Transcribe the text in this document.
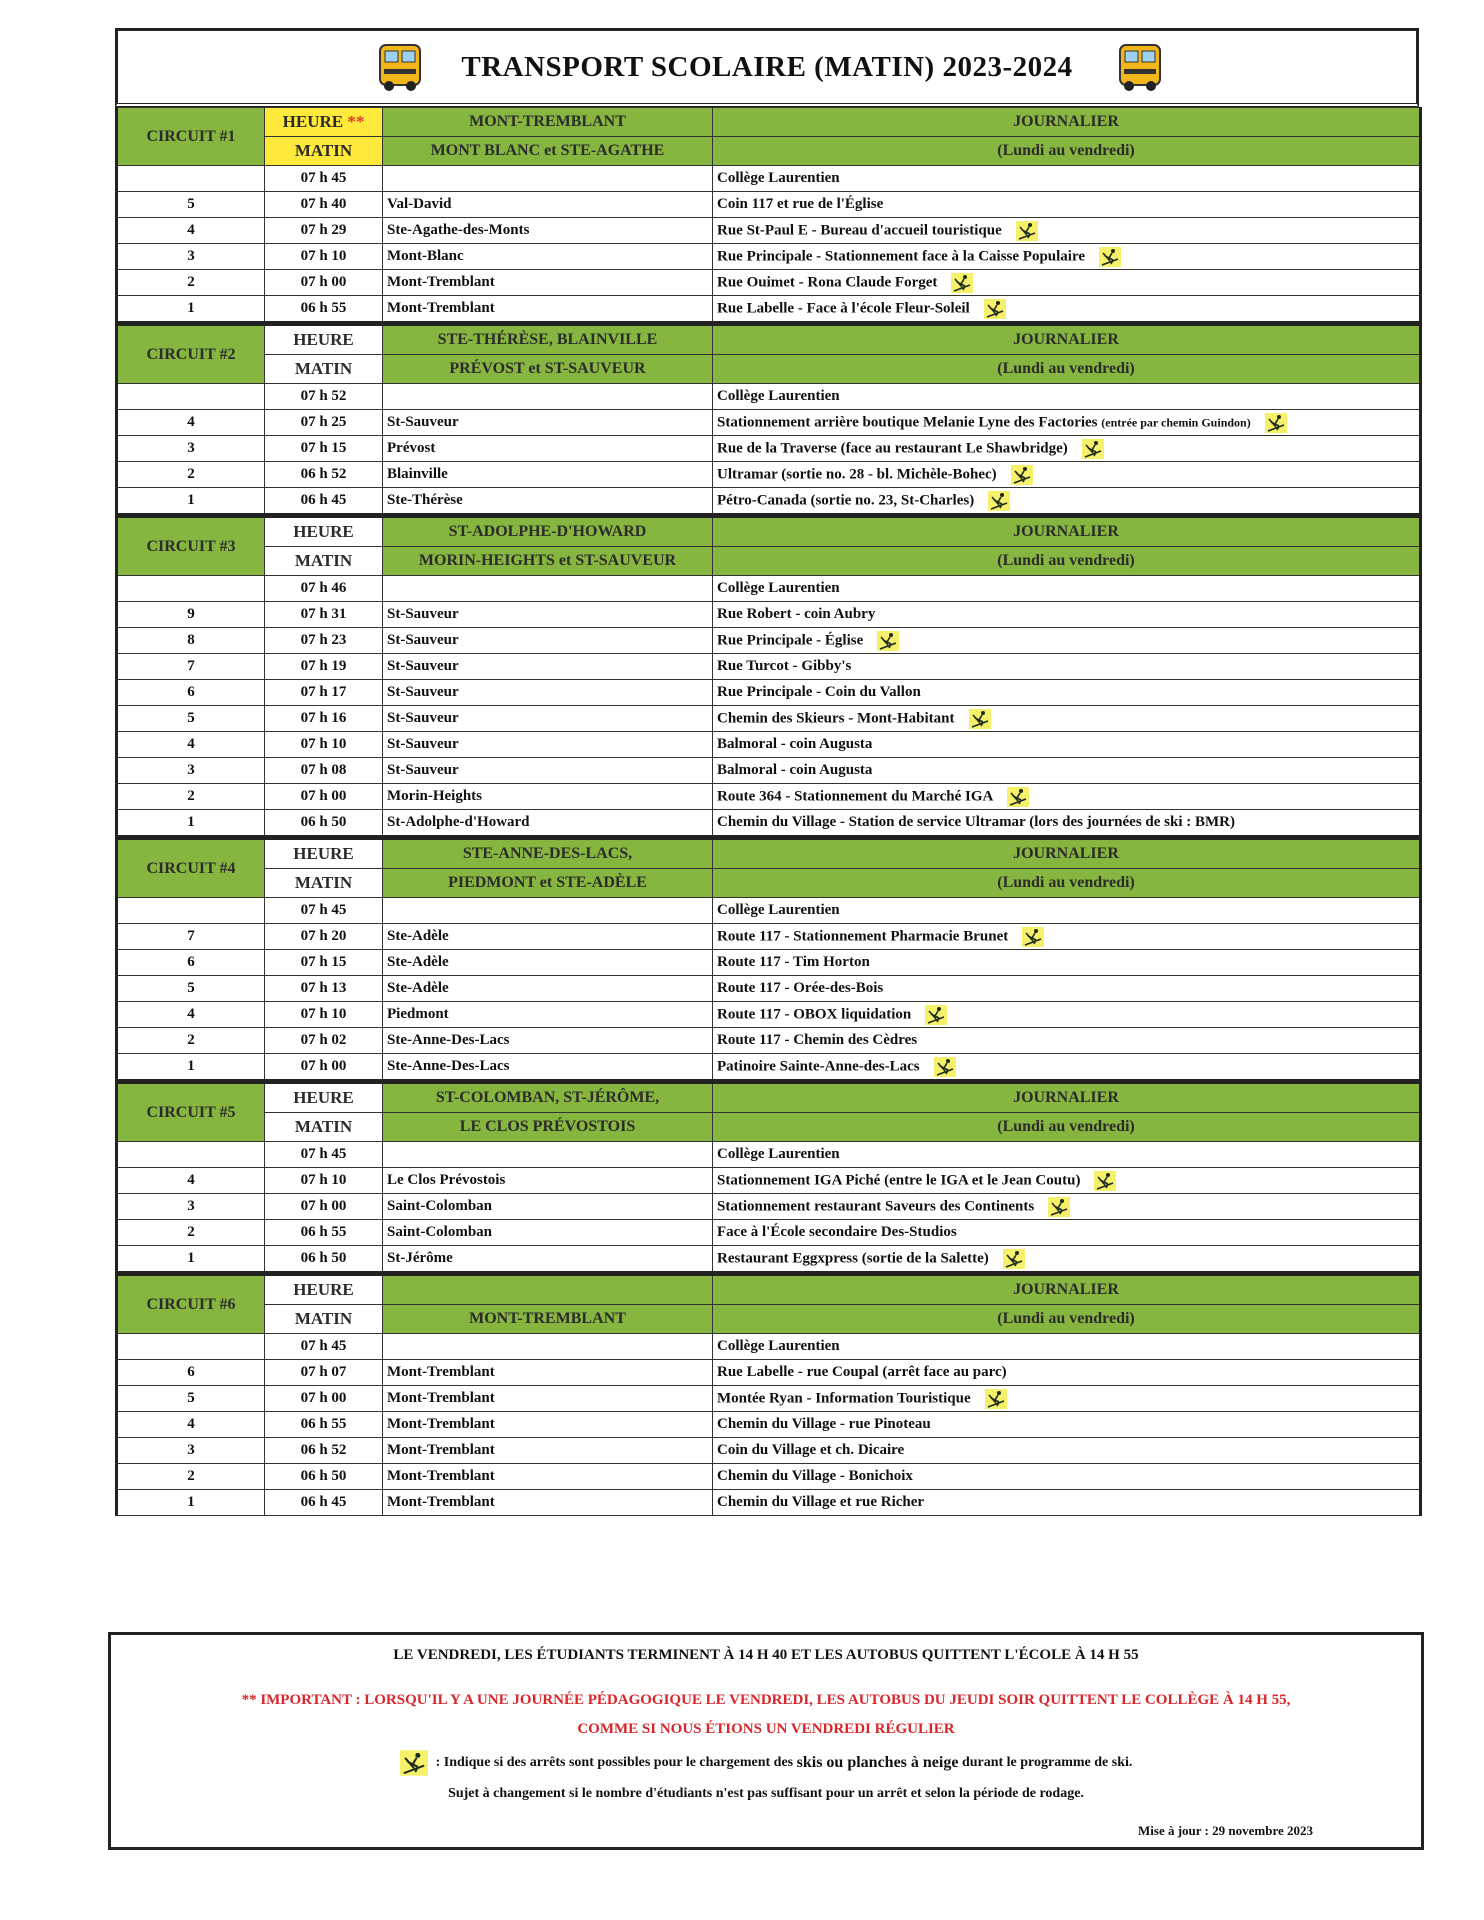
TRANSPORT SCOLAIRE (MATIN) 2023-2024
CIRCUIT #1	HEURE **	MONT-TREMBLANT	JOURNALIER
	MATIN	MONT BLANC et STE-AGATHE	(Lundi au vendredi)
	07 h 45		Collège Laurentien
5	07 h 40	Val-David	Coin 117 et rue de l'Église
4	07 h 29	Ste-Agathe-des-Monts	Rue St-Paul E - Bureau d'accueil touristique
3	07 h 10	Mont-Blanc	Rue Principale - Stationnement face à la Caisse Populaire
2	07 h 00	Mont-Tremblant	Rue Ouimet - Rona Claude Forget
1	06 h 55	Mont-Tremblant	Rue Labelle - Face à l'école Fleur-Soleil
CIRCUIT #2	HEURE	STE-THÉRÈSE, BLAINVILLE	JOURNALIER
	MATIN	PRÉVOST et ST-SAUVEUR	(Lundi au vendredi)
	07 h 52		Collège Laurentien
4	07 h 25	St-Sauveur	Stationnement arrière boutique Melanie Lyne des Factories (entrée par chemin Guindon)
3	07 h 15	Prévost	Rue de la Traverse (face au restaurant Le Shawbridge)
2	06 h 52	Blainville	Ultramar (sortie no. 28 - bl. Michèle-Bohec)
1	06 h 45	Ste-Thérèse	Pétro-Canada (sortie no. 23, St-Charles)
CIRCUIT #3	HEURE	ST-ADOLPHE-D'HOWARD	JOURNALIER
	MATIN	MORIN-HEIGHTS et ST-SAUVEUR	(Lundi au vendredi)
	07 h 46		Collège Laurentien
9	07 h 31	St-Sauveur	Rue Robert - coin Aubry
8	07 h 23	St-Sauveur	Rue Principale - Église
7	07 h 19	St-Sauveur	Rue Turcot - Gibby's
6	07 h 17	St-Sauveur	Rue Principale - Coin du Vallon
5	07 h 16	St-Sauveur	Chemin des Skieurs - Mont-Habitant
4	07 h 10	St-Sauveur	Balmoral - coin Augusta
3	07 h 08	St-Sauveur	Balmoral - coin Augusta
2	07 h 00	Morin-Heights	Route 364 - Stationnement du Marché IGA
1	06 h 50	St-Adolphe-d'Howard	Chemin du Village - Station de service Ultramar (lors des journées de ski : BMR)
CIRCUIT #4	HEURE	STE-ANNE-DES-LACS,	JOURNALIER
	MATIN	PIEDMONT et STE-ADÈLE	(Lundi au vendredi)
	07 h 45		Collège Laurentien
7	07 h 20	Ste-Adèle	Route 117 - Stationnement Pharmacie Brunet
6	07 h 15	Ste-Adèle	Route 117 - Tim Horton
5	07 h 13	Ste-Adèle	Route 117 - Orée-des-Bois
4	07 h 10	Piedmont	Route 117 - OBOX liquidation
2	07 h 02	Ste-Anne-Des-Lacs	Route 117 - Chemin des Cèdres
1	07 h 00	Ste-Anne-Des-Lacs	Patinoire Sainte-Anne-des-Lacs
CIRCUIT #5	HEURE	ST-COLOMBAN, ST-JÉRÔME,	JOURNALIER
	MATIN	LE CLOS PRÉVOSTOIS	(Lundi au vendredi)
	07 h 45		Collège Laurentien
4	07 h 10	Le Clos Prévostois	Stationnement IGA Piché (entre le IGA et le Jean Coutu)
3	07 h 00	Saint-Colomban	Stationnement restaurant Saveurs des Continents
2	06 h 55	Saint-Colomban	Face à l'École secondaire Des-Studios
1	06 h 50	St-Jérôme	Restaurant Eggxpress (sortie de la Salette)
CIRCUIT #6	HEURE		JOURNALIER
	MATIN	MONT-TREMBLANT	(Lundi au vendredi)
	07 h 45		Collège Laurentien
6	07 h 07	Mont-Tremblant	Rue Labelle - rue Coupal (arrêt face au parc)
5	07 h 00	Mont-Tremblant	Montée Ryan - Information Touristique
4	06 h 55	Mont-Tremblant	Chemin du Village - rue Pinoteau
3	06 h 52	Mont-Tremblant	Coin du Village et ch. Dicaire
2	06 h 50	Mont-Tremblant	Chemin du Village - Bonichoix
1	06 h 45	Mont-Tremblant	Chemin du Village et rue Richer
LE VENDREDI, LES ÉTUDIANTS TERMINENT À 14 H 40 ET LES AUTOBUS QUITTENT L'ÉCOLE À 14 H 55
** IMPORTANT : LORSQU'IL Y A UNE JOURNÉE PÉDAGOGIQUE LE VENDREDI, LES AUTOBUS DU JEUDI SOIR QUITTENT LE COLLÈGE À 14 H 55,
COMME SI NOUS ÉTIONS UN VENDREDI RÉGULIER
: Indique si des arrêts sont possibles pour le chargement des
skis ou planches à neige
durant le programme de ski.
Sujet à changement si le nombre d'étudiants n'est pas suffisant pour un arrêt et selon la période de rodage.
Mise à jour : 29 novembre 2023
